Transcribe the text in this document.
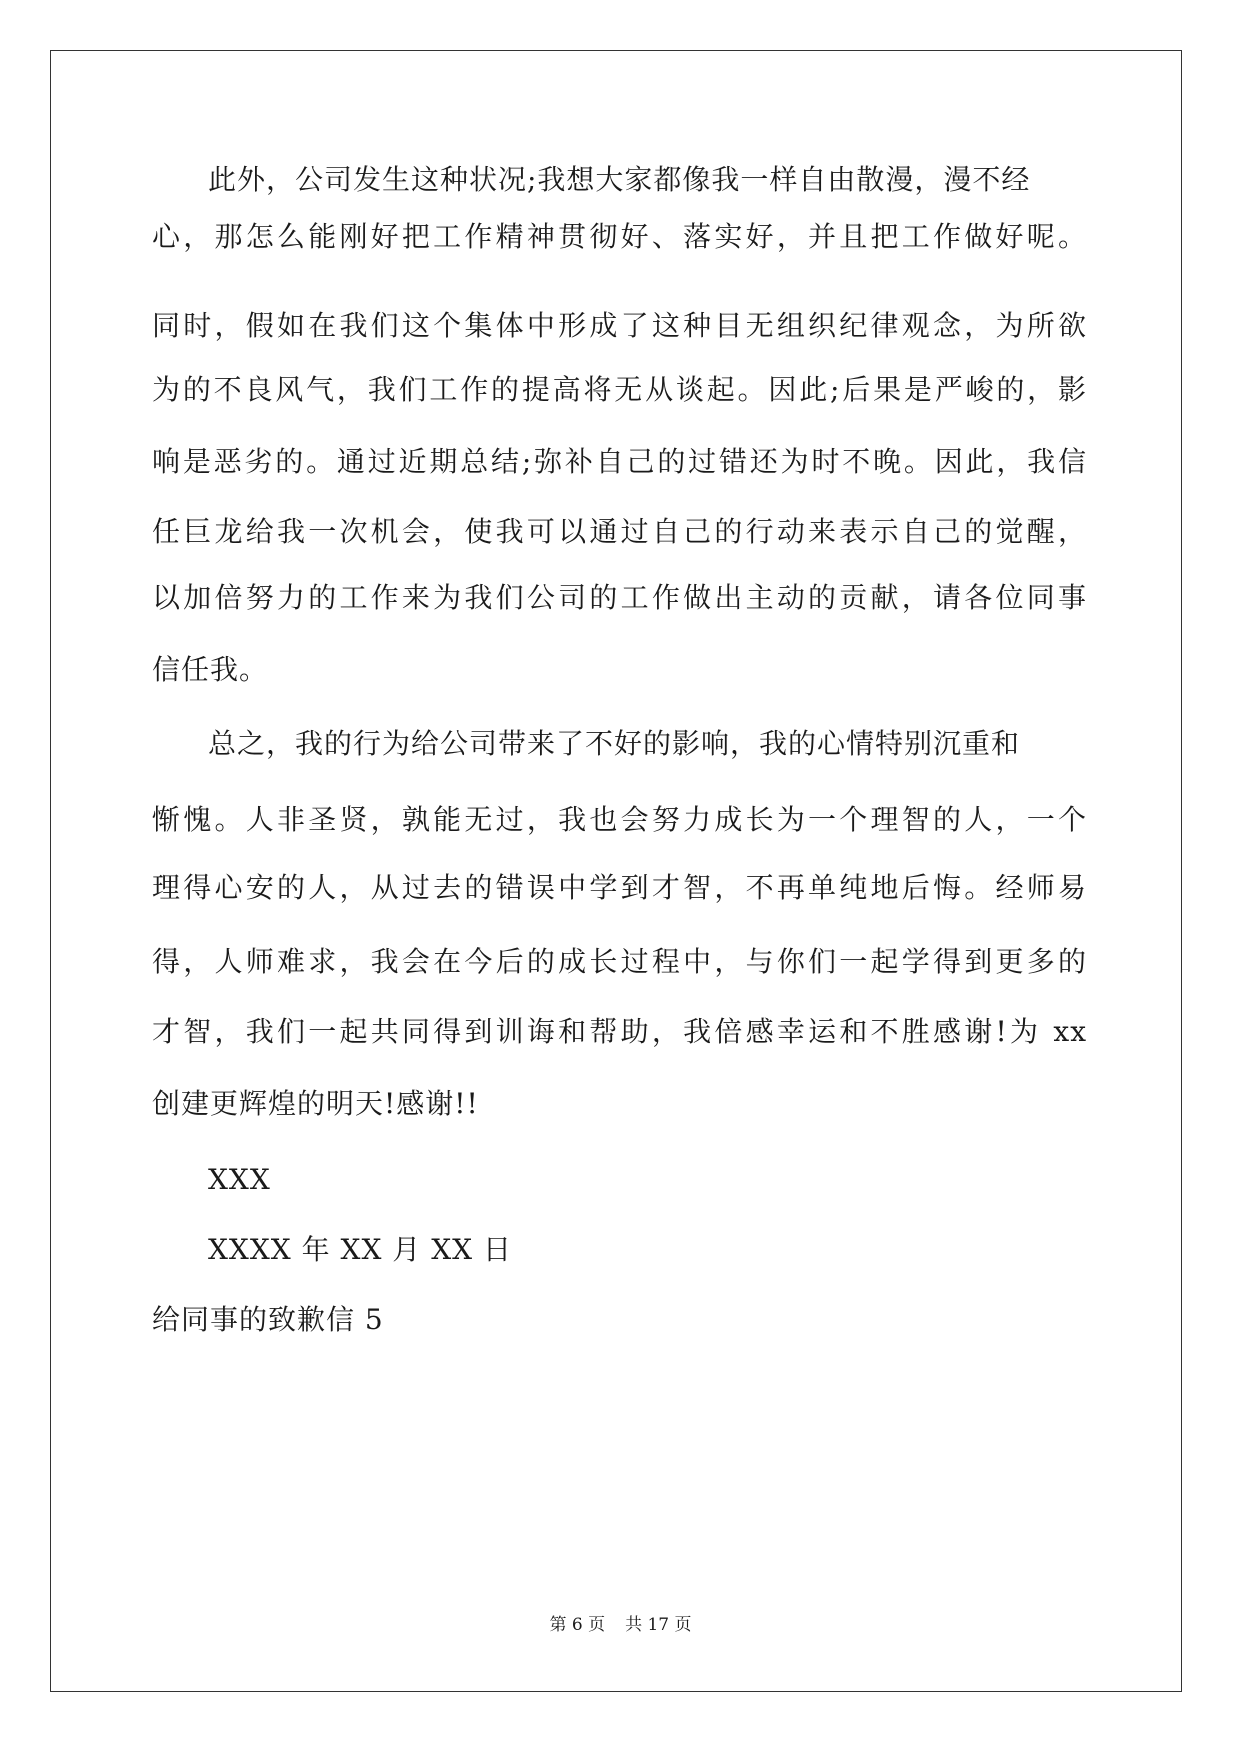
此外，公司发生这种状况;我想大家都像我一样自由散漫，漫不经
心，那怎么能刚好把工作精神贯彻好、落实好，并且把工作做好呢。
同时，假如在我们这个集体中形成了这种目无组织纪律观念，为所欲
为的不良风气，我们工作的提高将无从谈起。因此;后果是严峻的，影
响是恶劣的。通过近期总结;弥补自己的过错还为时不晚。因此，我信
任巨龙给我一次机会，使我可以通过自己的行动来表示自己的觉醒，
以加倍努力的工作来为我们公司的工作做出主动的贡献，请各位同事
信任我。
总之，我的行为给公司带来了不好的影响，我的心情特别沉重和
惭愧。人非圣贤，孰能无过，我也会努力成长为一个理智的人，一个
理得心安的人，从过去的错误中学到才智，不再单纯地后悔。经师易
得，人师难求，我会在今后的成长过程中，与你们一起学得到更多的
才智，我们一起共同得到训诲和帮助，我倍感幸运和不胜感谢!为 xx
创建更辉煌的明天!感谢!!
XXX
XXXX 年 XX 月 XX 日
给同事的致歉信 5
第 6 页 共 17 页
